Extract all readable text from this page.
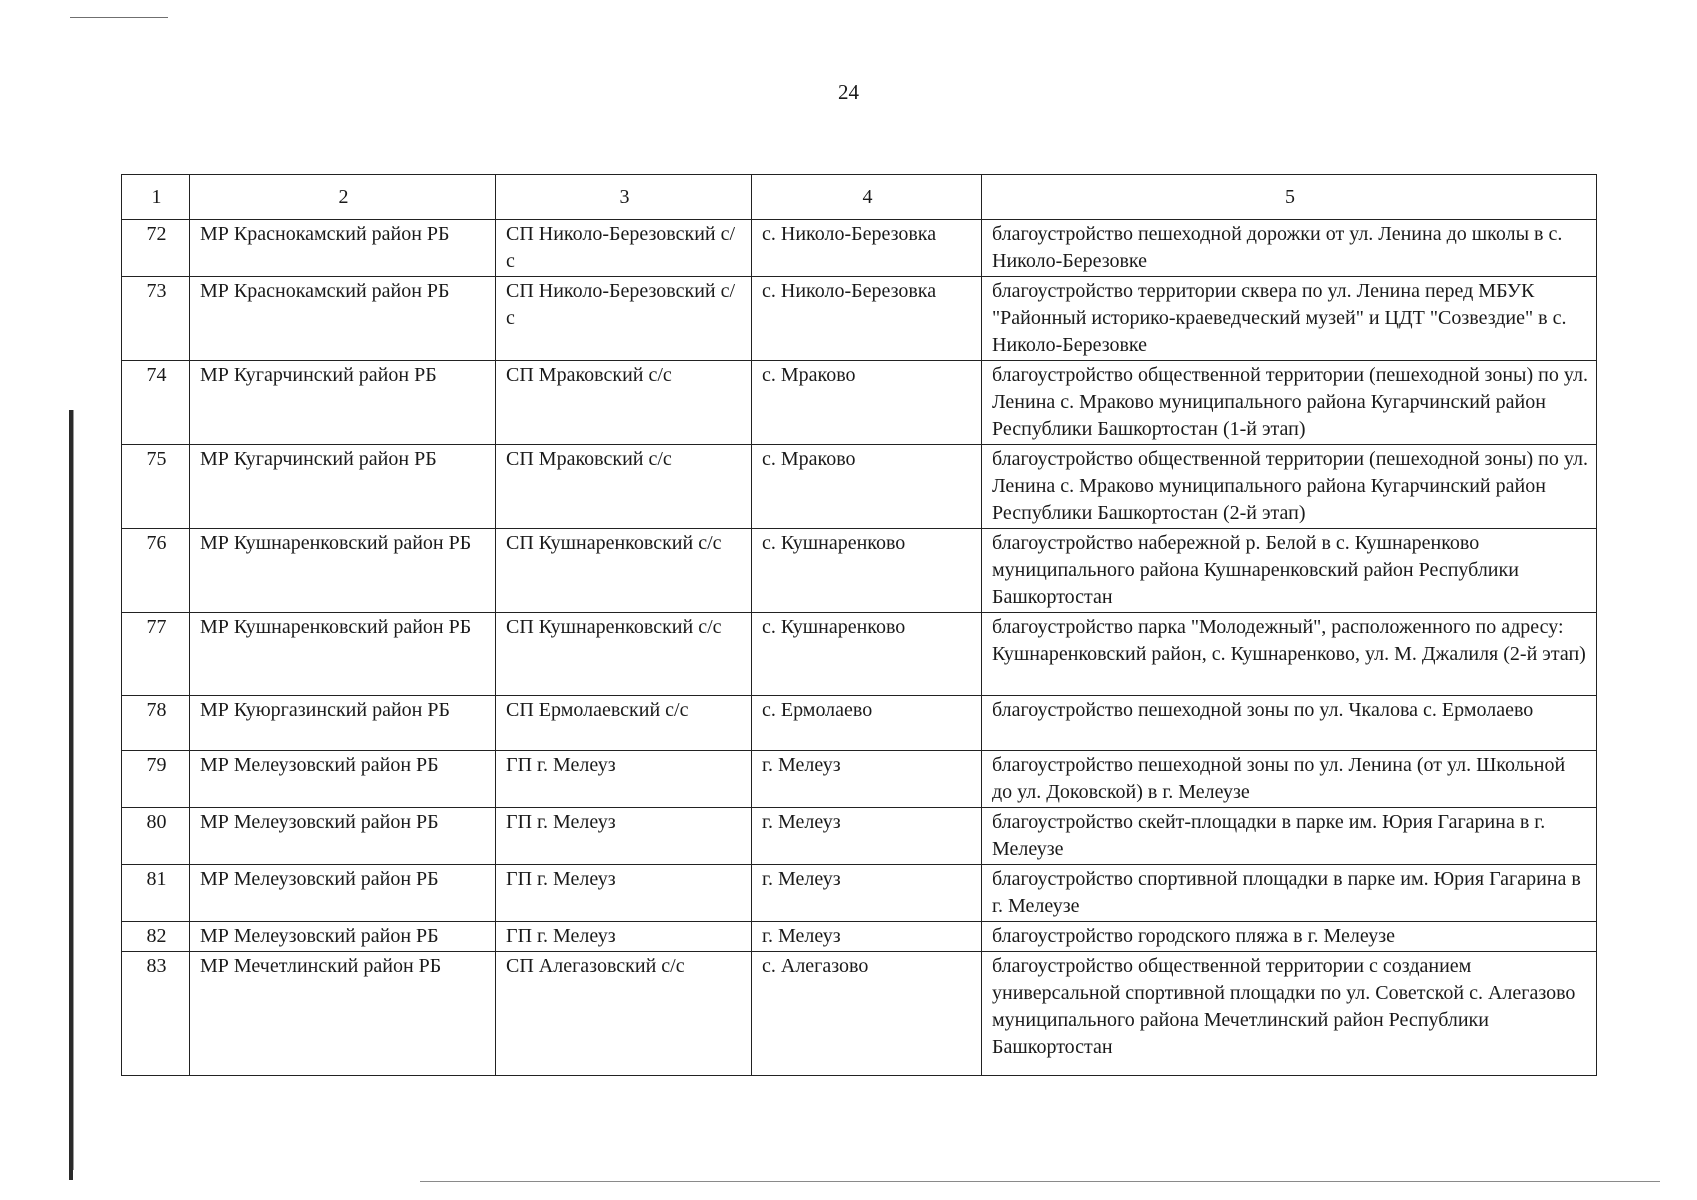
24
1	2	3	4	5
72	МР Краснокамский район РБ	СП Николо-Березовский с/с	с. Николо-Березовка	благоустройство пешеходной дорожки от ул. Ленина до школы в с. Николо-Березовке
73	МР Краснокамский район РБ	СП Николо-Березовский с/с	с. Николо-Березовка	благоустройство территории сквера по ул. Ленина перед МБУК "Районный историко-краеведческий музей" и ЦДТ "Созвездие" в с. Николо-Березовке
74	МР Кугарчинский район РБ	СП Мраковский с/с	с. Мраково	благоустройство общественной территории (пешеходной зоны) по ул. Ленина с. Мраково муниципального района Кугарчинский район Республики Башкортостан (1-й этап)
75	МР Кугарчинский район РБ	СП Мраковский с/с	с. Мраково	благоустройство общественной территории (пешеходной зоны) по ул. Ленина с. Мраково муниципального района Кугарчинский район Республики Башкортостан (2-й этап)
76	МР Кушнаренковский район РБ	СП Кушнаренковский с/с	с. Кушнаренково	благоустройство набережной р. Белой в с. Кушнаренково муниципального района Кушнаренковский район Республики Башкортостан
77	МР Кушнаренковский район РБ	СП Кушнаренковский с/с	с. Кушнаренково	благоустройство парка "Молодежный", расположенного по адресу: Кушнаренковский район, с. Кушнаренково, ул. М. Джалиля (2-й этап)
78	МР Куюргазинский район РБ	СП Ермолаевский с/с	с. Ермолаево	благоустройство пешеходной зоны по ул. Чкалова с. Ермолаево
79	МР Мелеузовский район РБ	ГП г. Мелеуз	г. Мелеуз	благоустройство пешеходной зоны по ул. Ленина (от ул. Школьной до ул. Доковской) в г. Мелеузе
80	МР Мелеузовский район РБ	ГП г. Мелеуз	г. Мелеуз	благоустройство скейт-площадки в парке им. Юрия Гагарина в г. Мелеузе
81	МР Мелеузовский район РБ	ГП г. Мелеуз	г. Мелеуз	благоустройство спортивной площадки в парке им. Юрия Гагарина в г. Мелеузе
82	МР Мелеузовский район РБ	ГП г. Мелеуз	г. Мелеуз	благоустройство городского пляжа в г. Мелеузе
83	МР Мечетлинский район РБ	СП Алегазовский с/с	с. Алегазово	благоустройство общественной территории с созданием универсальной спортивной площадки по ул. Советской с. Алегазово муниципального района Мечетлинский район Республики Башкортостан
